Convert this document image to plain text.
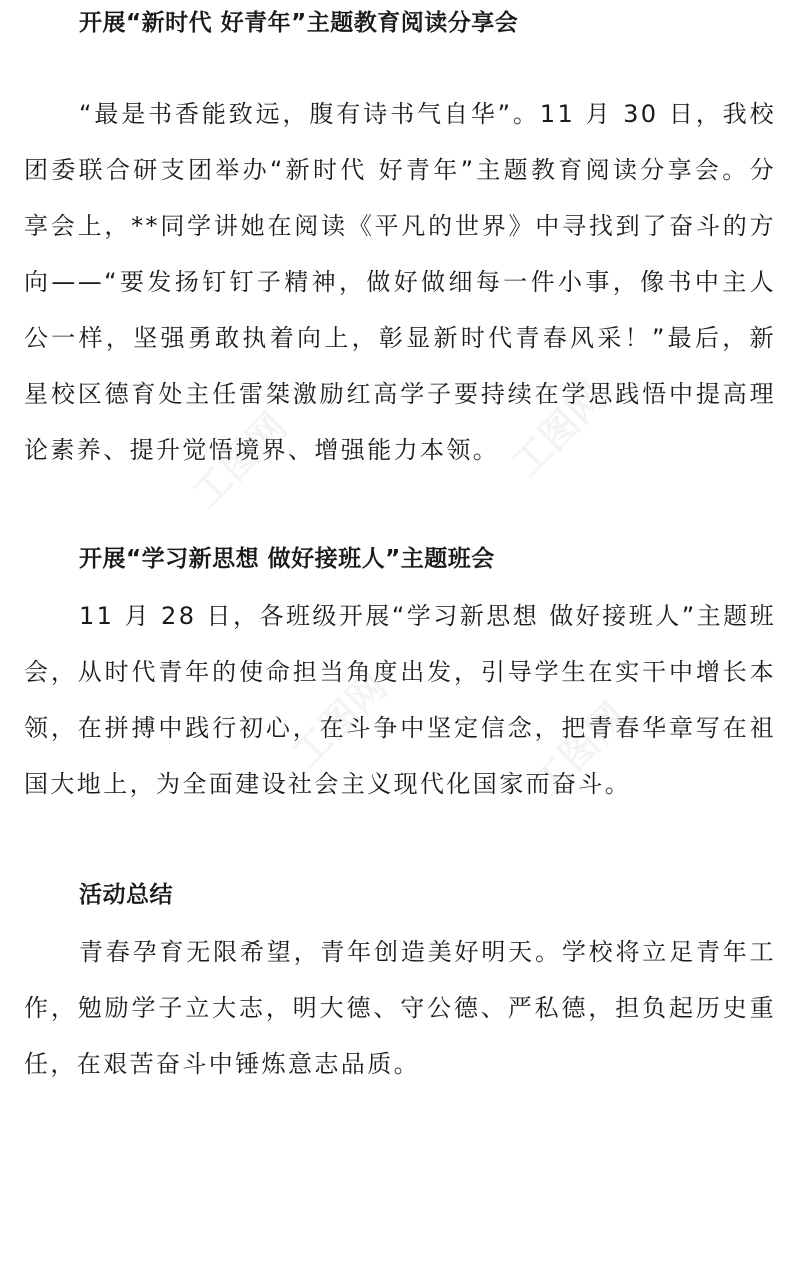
开展“新时代 好青年”主题教育阅读分享会

“最是书香能致远，腹有诗书气自华”。11 月 30 日，我校团委联合研支团举办“新时代 好青年”主题教育阅读分享会。分享会上，**同学讲她在阅读《平凡的世界》中寻找到了奋斗的方向——“要发扬钉钉子精神，做好做细每一件小事，像书中主人公一样，坚强勇敢执着向上，彰显新时代青春风采！”最后，新星校区德育处主任雷桀激励红高学子要持续在学思践悟中提高理论素养、提升觉悟境界、增强能力本领。

开展“学习新思想 做好接班人”主题班会

11 月 28 日，各班级开展“学习新思想 做好接班人”主题班会，从时代青年的使命担当角度出发，引导学生在实干中增长本领，在拼搏中践行初心，在斗争中坚定信念，把青春华章写在祖国大地上，为全面建设社会主义现代化国家而奋斗。

活动总结

青春孕育无限希望，青年创造美好明天。学校将立足青年工作，勉励学子立大志，明大德、守公德、严私德，担负起历史重任，在艰苦奋斗中锤炼意志品质。
